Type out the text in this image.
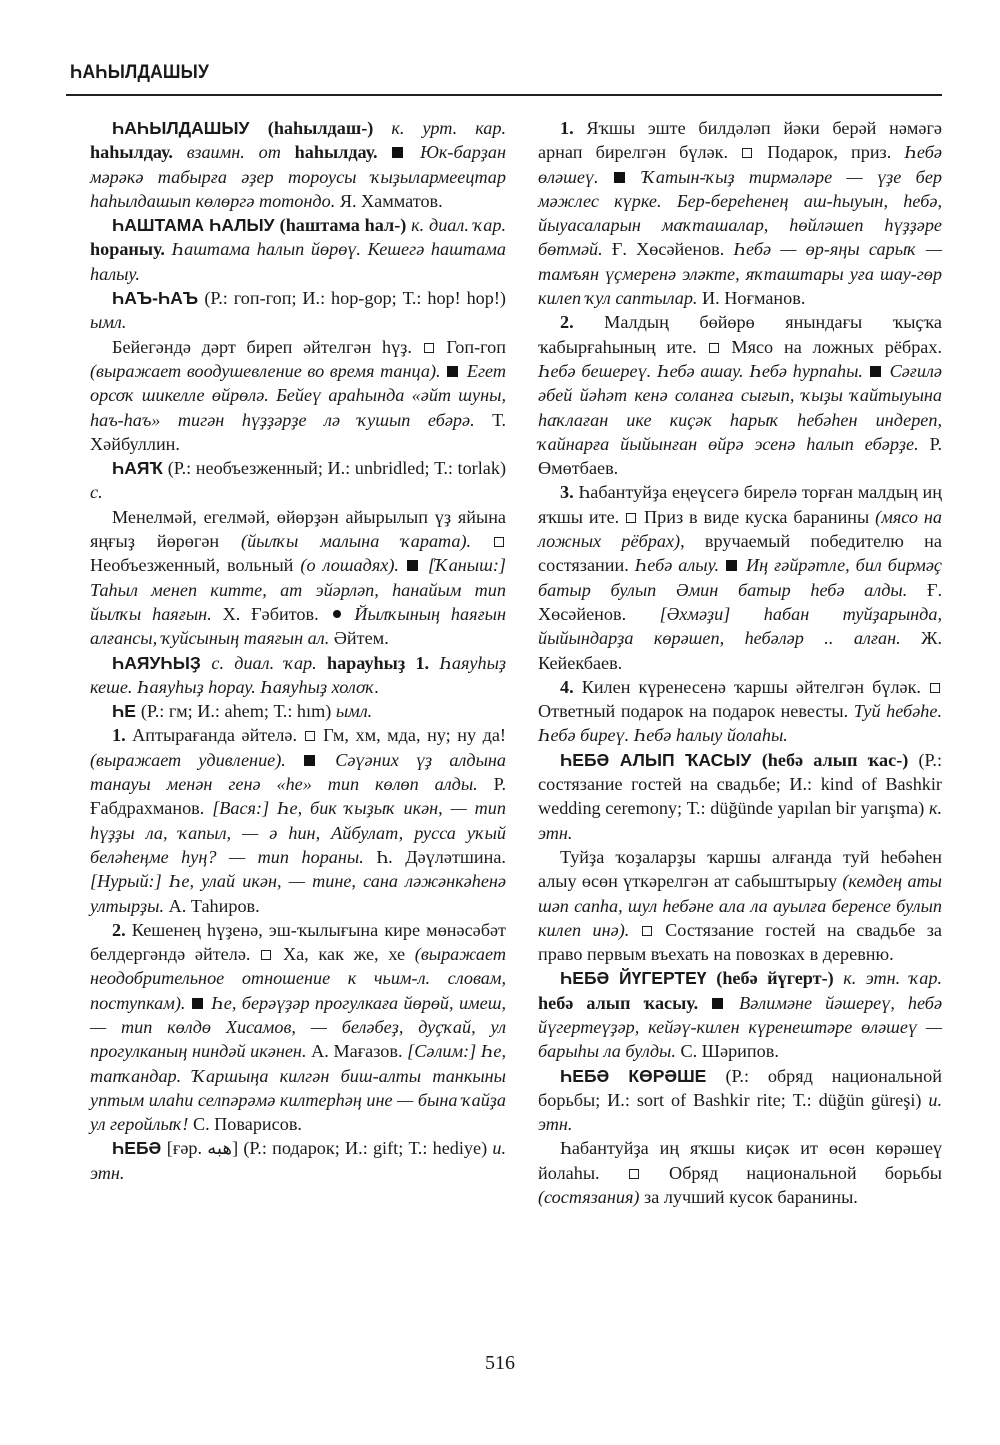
ҺАҺЫЛДАШЫУ

ҺАҺЫЛДАШЫУ (hahылдаш-) к. урт. кар. hahылдау. взаимн. от hahылдау.  Юк-барҙан мәрәкә табырға әҙер тороусы ҡыҙылармеецтар hahылдашып көлөргә тотондо. Я. Хамматов.

ҺАШТАМА ҺАЛЫУ (hаштама hал-) к. диал. ҡар. hораныу. Һаштама hалып йөрөү. Кешегә hаштама hалыу.

ҺАЪ-ҺАЪ (Р.: гоп-гоп; И.: hop-gop; Т.: hop! hop!) ымл.

Бейегәндә дәрт биреп әйтелгән hүҙ.  Гоп-гоп (выражает воодушевление во время танца).  Егет орсоҡ шикелле өйрөлә. Бейеү араhында «әйт шуны, hаъ-hаъ» тигән hүҙҙәрҙе лә ҡушып ебәрә. Т. Хәйбуллин.

ҺАЯҠ (Р.: необъезженный; И.: unbridled; Т.: torlak) с.

Менелмәй, егелмәй, өйөрҙән айырылып үҙ яйына яңғыҙ йөрөгән (йылҡы малына ҡарата).  Необъезженный, вольный (о лошадях).  [Ҡаныш:] Таhыл менеп китте, ат эйәрләп, hанайым тип йылҡы hаяғын. Х. Ғәбитов.  Йылҡының hаяғын алғансы, ҡуйсының таяғын ал. Әйтем.

ҺАЯУҺЫҘ с. диал. ҡар. hарауhыҙ 1. Һаяуhыҙ кеше. Һаяуhыҙ hорау. Һаяуhыҙ холоҡ.

ҺЕ (Р.: гм; И.: ahem; Т.: hım) ымл.

1. Аптырағанда әйтелә.  Гм, хм, мда, ну; ну да! (выражает удивление).  Сәүәних үҙ алдына танауы менән генә «hе» тип көлөп алды. Р. Ғабдрахманов. [Вася:] Һе, бик ҡыҙыҡ икән, — тип hүҙҙы ла, ҡапыл, — ә hин, Айбулат, русса уҡый беләhеңме hуң? — тип hораны. Һ. Дәүләтшина. [Нурый:] Һе, улай икән, — тине, сана ләжәнкәhенә ултырҙы. А. Таhиров.

2. Кешенең hүҙенә, эш-ҡылығына кире мөнәсәбәт белдергәндә әйтелә.  Ха, как же, хе (выражает неодобрительное отношение к чьим-л. словам, поступкам).  Һе, берәүҙәр прогулкаға йөрөй, имеш,— тип көлдө Хисамов, — беләбеҙ, дуҫҡай, ул прогулканың ниндәй икәнен. А. Мағазов. [Сәлим:] Һе, тапҡандар. Ҡаршыңа килгән биш-алты танкыны уптым илаhи селпәрәмә килтерhәң ине — бына ҡайҙа ул геройлыҡ! С. Поварисов.

ҺЕБӘ [ғәр. هبه] (Р.: подарок; И.: gift; Т.: hediye) и. этн.

1. Яҡшы эште билдәләп йәки берәй нәмәгә арнап бирелгән бүләк.  Подарок, приз. Һебә өләшеү.  Ҡатын-ҡыҙ тирмәләре — үҙе бер мәжлес күрке. Бер-береhенең аш-hыуын, hебә, йыуасаларын маҡташалар, hөйләшеп hүҙҙәре бөтмәй. Ғ. Хөсәйенов. Һебә — өр-яңы сарыҡ — тамъян үҫмеренә эләкте, яҡташтары уға шау-гөр килеп ҡул саптылар. И. Ноғманов.

2. Малдың бөйөрө янындағы ҡыҫҡа ҡабырғаhының ите.  Мясо на ложных рёбрах. Һебә бешереү. Һебә ашау. Һебә hурпаhы.  Сәғилә әбей йәhәт кенә соланға сығып, ҡыҙы ҡайтыуына hаҡлаған ике киҫәк hарыҡ hебәhен индереп, ҡайнарға йыйынған өйрә эсенә hалып ебәрҙе. Р. Өмөтбаев.

3. Һабантуйҙа еңеүсегә бирелә торған малдың иң яҡшы ите.  Приз в виде куска баранины (мясо на ложных рёбрах), вручаемый победителю на состязании. Һебә алыу.  Иң ғәйрәтле, бил бирмәҫ батыр булып Әмин батыр hебә алды. Ғ. Хөсәйенов. [Әхмәҙи] hабан туйҙарында, йыйындарҙа көрәшеп, hебәләр .. алған. Ж. Кейекбаев.

4. Килен күренесенә ҡаршы әйтелгән бүләк.  Ответный подарок на подарок невесты. Туй hебәhе. Һебә биреү. Һебә hалыу йолаhы.

ҺЕБӘ АЛЫП ҠАСЫУ (hебә алып ҡас-) (Р.: состязание гостей на свадьбе; И.: kind of Bashkir wedding ceremony; Т.: düğünde yapılan bir yarışma) к. этн.

Туйҙа ҡоҙаларҙы ҡаршы алғанда туй hебәhен алыу өсөн үткәрелгән ат сабыштырыу (кемдең аты шәп сапhа, шул hебәне ала ла ауылға беренсе булып килеп инә).  Состязание гостей на свадьбе за право первым въехать на повозках в деревню.

ҺЕБӘ ЙҮГЕРТЕҮ (hебә йүгерт-) к. этн. ҡар. hебә алып ҡасыу.  Вәлимәне йәшереү, hебә йүгертеүҙәр, кейәү-килен күренештәре өләшеү — барыhы ла булды. С. Шәрипов.

ҺЕБӘ КӨРӘШЕ (Р.: обряд национальной борьбы; И.: sort of Bashkir rite; Т.: düğün güreşi) и. этн.

Һабантуйҙа иң яҡшы киҫәк ит өсөн көрәшеү йолаhы.  Обряд национальной борьбы (состязания) за лучший кусок баранины.

516
